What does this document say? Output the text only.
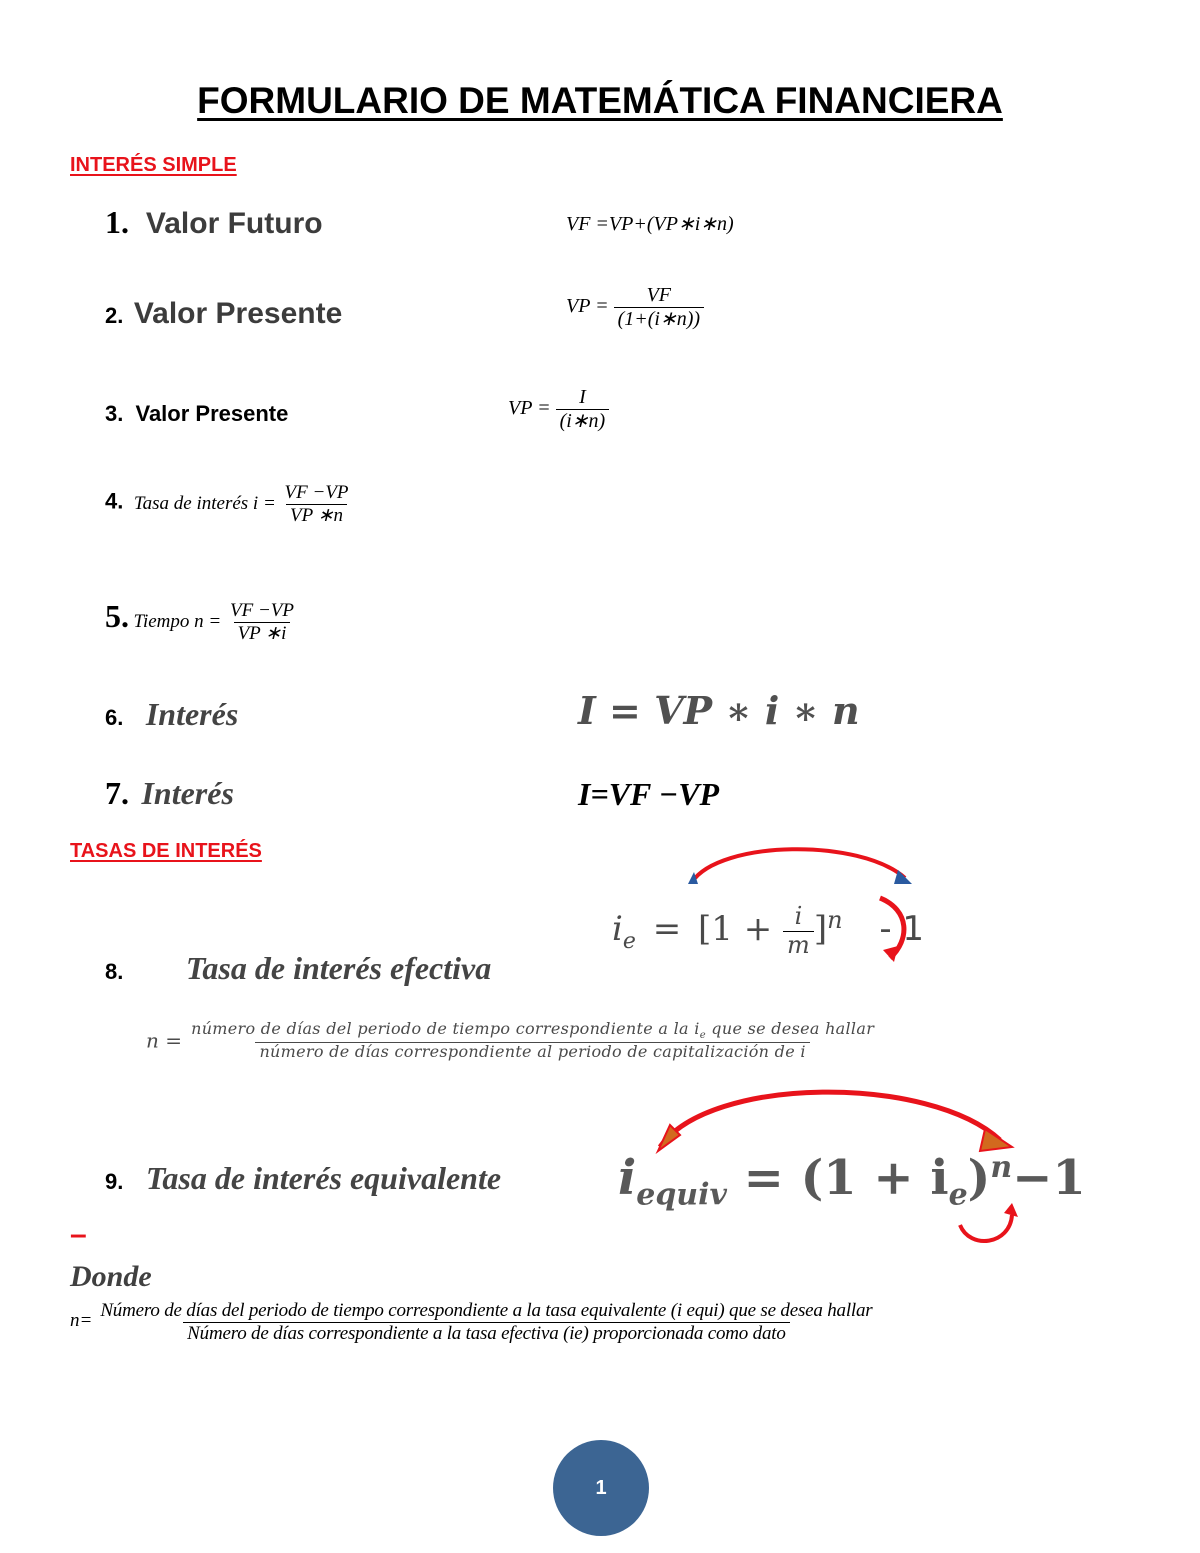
FORMULARIO DE MATEMÁTICA FINANCIERA
INTERÉS SIMPLE
1. Valor Futuro	VF =VP+(VP∗i∗n)
2. Valor Presente	VP = $\frac{VF}{(1+(i∗n))}$
3. Valor Presente	VP = $\frac{I}{(i∗n)}$
4. Tasa de interés $i = \frac{VF -VP}{VP ∗n}$
5. Tiempo $n = \frac{VF -VP}{VP ∗i}$
6. Interés	I = VP ∗ i ∗ n
7. Interés	I=VF −VP
TASAS DE INTERÉS
$i_e = [1 + \frac{i}{m} ]^n - 1$
8. Tasa de interés efectiva
n =
número de días del periodo de tiempo correspondiente a la $i_e$ que se desea hallar
número de días correspondiente al periodo de capitalización de i
9. Tasa de interés equivalente $i_{equiv} = (1 + i_e)^n-1$
–
Donde
n= Número de días del periodo de tiempo correspondiente a la tasa equivalente (i equi) que se desea hallar
Número de días correspondiente a la tasa efectiva (ie) proporcionada como dato
1
